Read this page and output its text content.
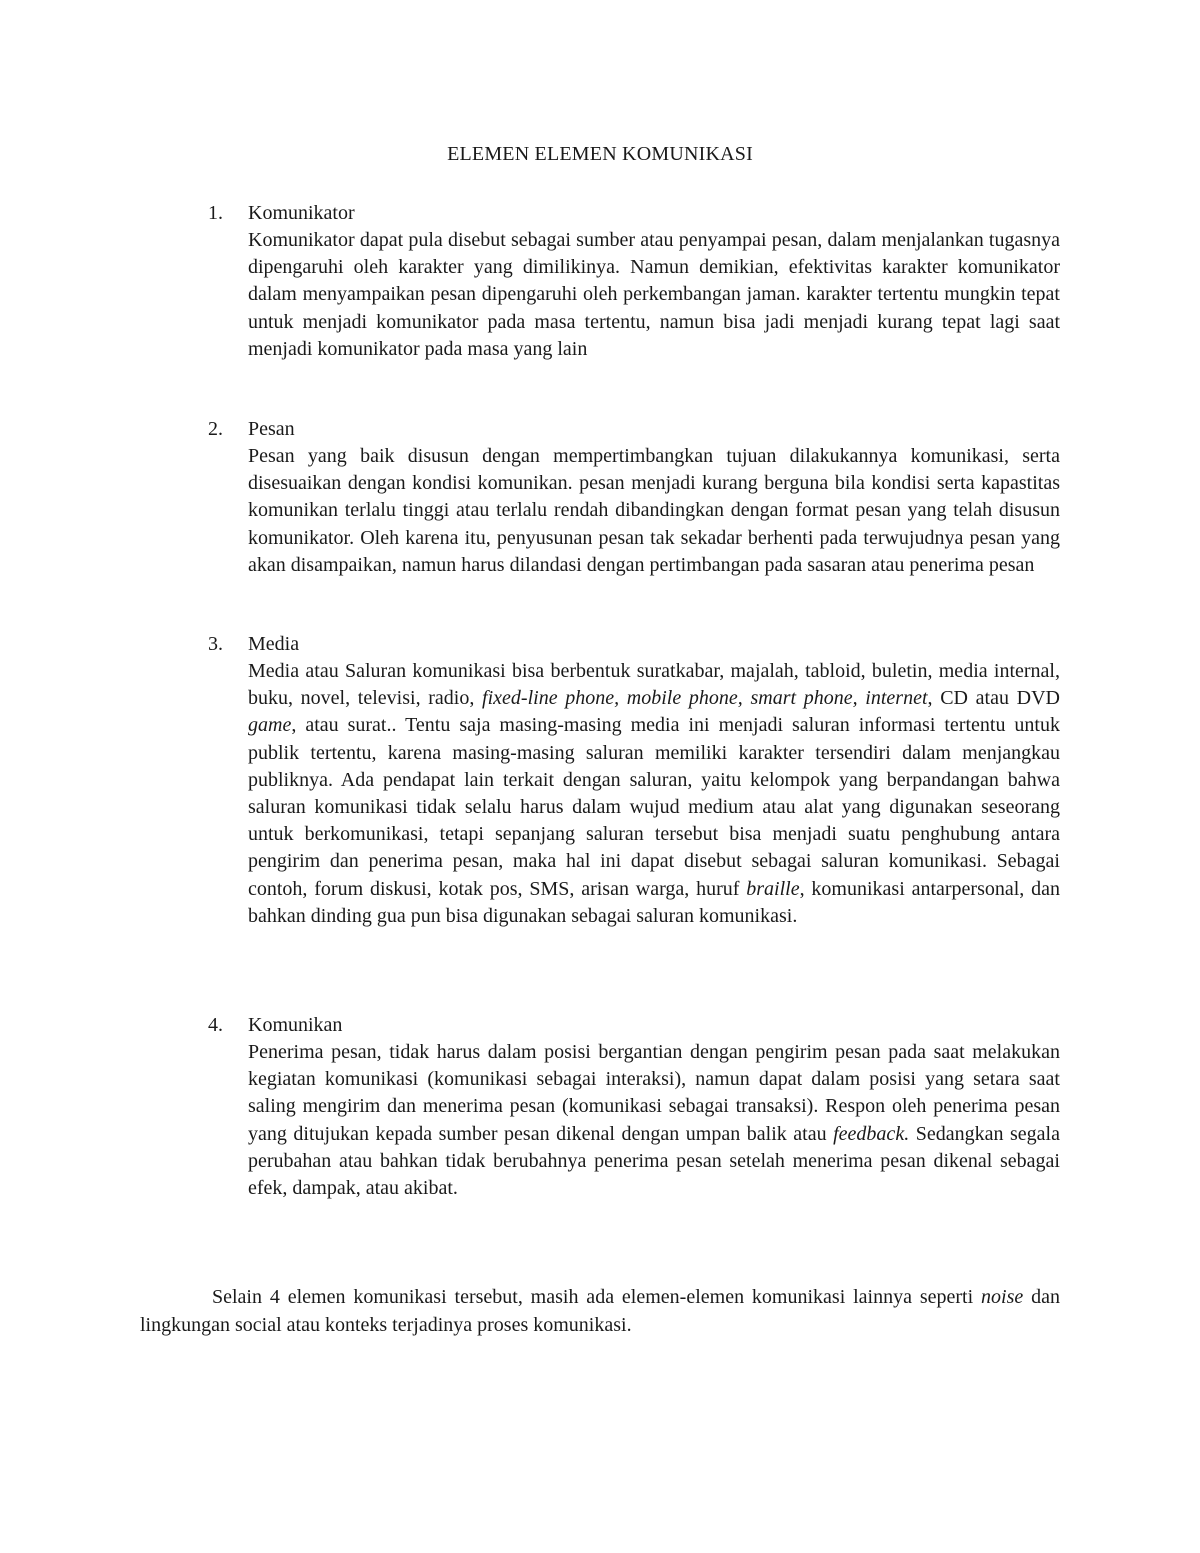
ELEMEN ELEMEN KOMUNIKASI
1. Komunikator
Komunikator dapat pula disebut sebagai sumber atau penyampai pesan, dalam menjalankan tugasnya dipengaruhi oleh karakter yang dimilikinya. Namun demikian, efektivitas karakter komunikator dalam menyampaikan pesan dipengaruhi oleh perkembangan jaman. karakter tertentu mungkin tepat untuk menjadi komunikator pada masa tertentu, namun bisa jadi menjadi kurang tepat lagi saat menjadi komunikator pada masa yang lain
2. Pesan
Pesan yang baik disusun dengan mempertimbangkan tujuan dilakukannya komunikasi, serta disesuaikan dengan kondisi komunikan. pesan menjadi kurang berguna bila kondisi serta kapastitas komunikan terlalu tinggi atau terlalu rendah dibandingkan dengan format pesan yang telah disusun komunikator. Oleh karena itu, penyusunan pesan tak sekadar berhenti pada terwujudnya pesan yang akan disampaikan, namun harus dilandasi dengan pertimbangan pada sasaran atau penerima pesan
3. Media
Media atau Saluran komunikasi bisa berbentuk suratkabar, majalah, tabloid, buletin, media internal, buku, novel, televisi, radio, fixed-line phone, mobile phone, smart phone, internet, CD atau DVD game, atau surat.. Tentu saja masing-masing media ini menjadi saluran informasi tertentu untuk publik tertentu, karena masing-masing saluran memiliki karakter tersendiri dalam menjangkau publiknya. Ada pendapat lain terkait dengan saluran, yaitu kelompok yang berpandangan bahwa saluran komunikasi tidak selalu harus dalam wujud medium atau alat yang digunakan seseorang untuk berkomunikasi, tetapi sepanjang saluran tersebut bisa menjadi suatu penghubung antara pengirim dan penerima pesan, maka hal ini dapat disebut sebagai saluran komunikasi. Sebagai contoh, forum diskusi, kotak pos, SMS, arisan warga, huruf braille, komunikasi antarpersonal, dan bahkan dinding gua pun bisa digunakan sebagai saluran komunikasi.
4. Komunikan
Penerima pesan, tidak harus dalam posisi bergantian dengan pengirim pesan pada saat melakukan kegiatan komunikasi (komunikasi sebagai interaksi), namun dapat dalam posisi yang setara saat saling mengirim dan menerima pesan (komunikasi sebagai transaksi). Respon oleh penerima pesan yang ditujukan kepada sumber pesan dikenal dengan umpan balik atau feedback. Sedangkan segala perubahan atau bahkan tidak berubahnya penerima pesan setelah menerima pesan dikenal sebagai efek, dampak, atau akibat.

Selain 4 elemen komunikasi tersebut, masih ada elemen-elemen komunikasi lainnya seperti noise dan lingkungan social atau konteks terjadinya proses komunikasi.
